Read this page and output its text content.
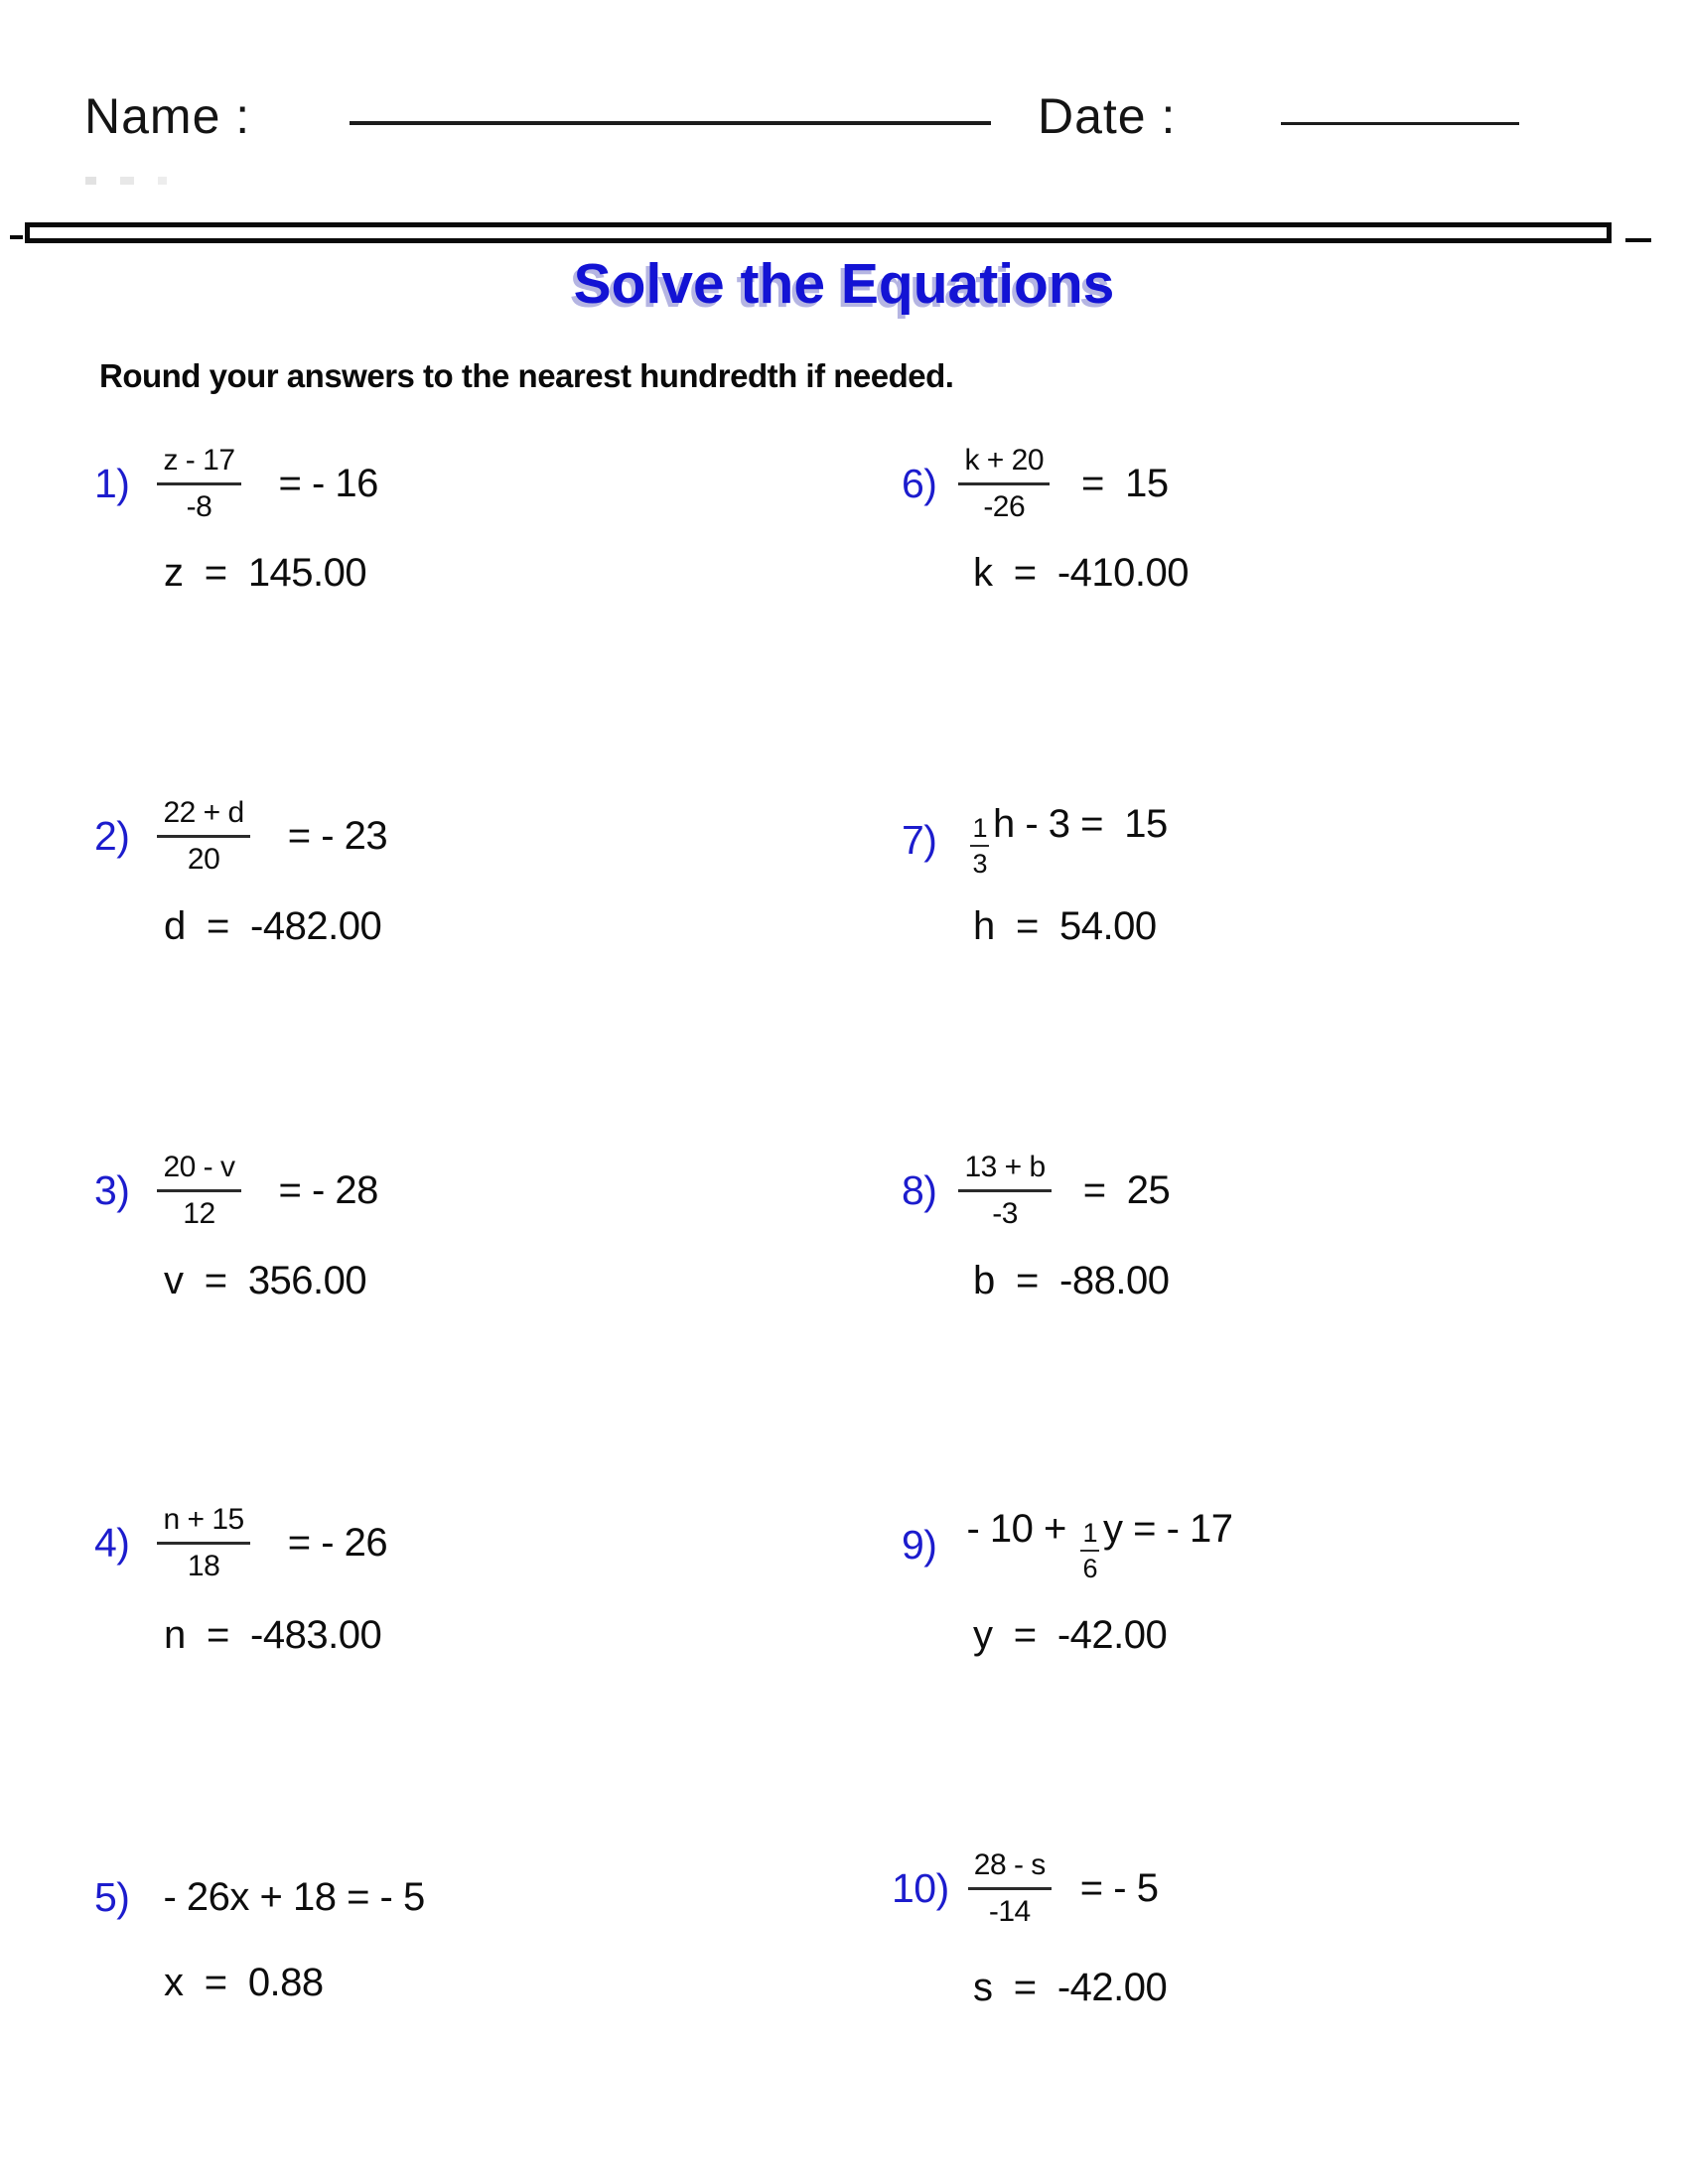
Name :	Date :
Solve the Equations
Round your answers to the nearest hundredth if needed.
$1) \frac{z - 17}{-8}$ = - 16
z  =  145.00
$6) \frac{k + 20}{-26} = 15$
k  =  -410.00
$2) \frac{22 + d}{20}$ = - 23
d  =  -482.00
$7) \frac{1}{3}$ h - 3 =  15
h  =  54.00
$3) \frac{20 - v}{12}$ = - 28
v  =  356.00
$8) \frac{13 + b}{-3} = 25$
b  =  -88.00
$4) \frac{n + 15}{18}$ = - 26
n  =  -483.00
$9) - 10 + \frac{1}{6}$ y = - 17
y  =  -42.00
5) - 26x + 18 = - 5
x  =  0.88
$10) \frac{28 - s}{-14}$ = - 5
s  =  -42.00
